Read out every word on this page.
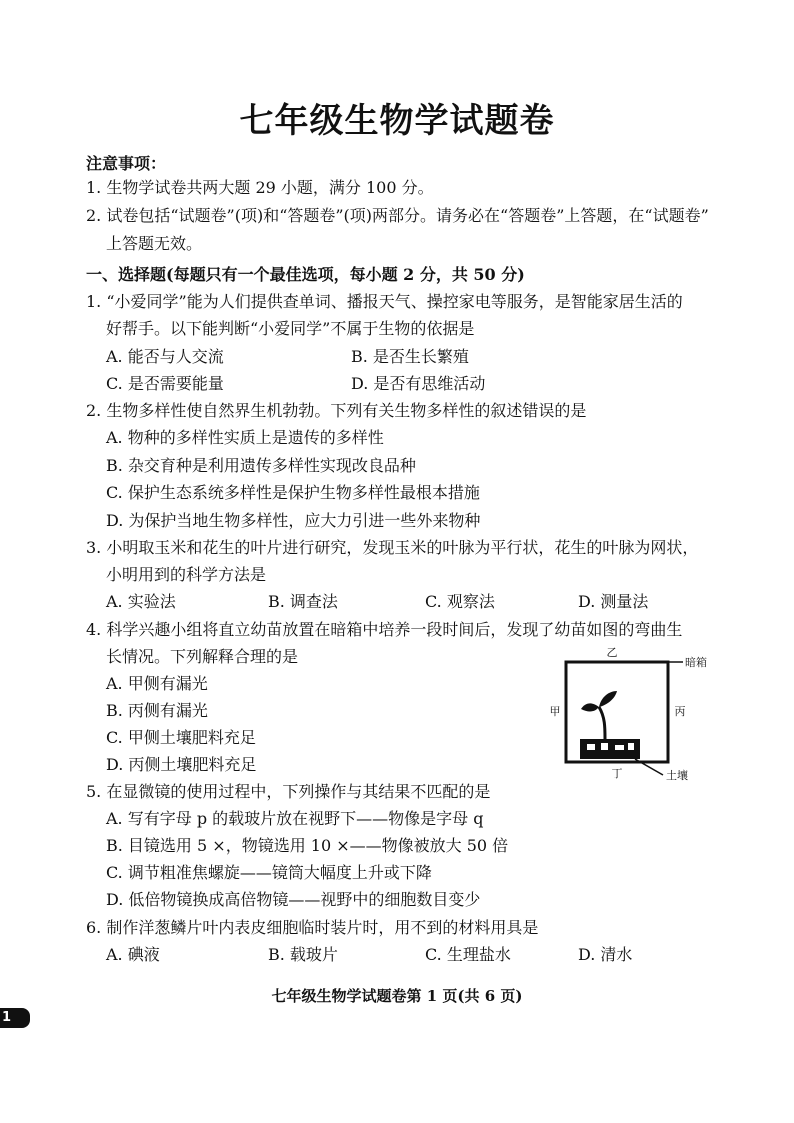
七年级生物学试题卷
注意事项：
1. 生物学试卷共两大题 29 小题，满分 100 分。
2. 试卷包括“试题卷”(项)和“答题卷”(项)两部分。请务必在“答题卷”上答题，在“试题卷”
上答题无效。
一、选择题(每题只有一个最佳选项，每小题 2 分，共 50 分)
1. “小爱同学”能为人们提供查单词、播报天气、操控家电等服务，是智能家居生活的
好帮手。以下能判断“小爱同学”不属于生物的依据是
A. 能否与人交流	B. 是否生长繁殖
C. 是否需要能量	D. 是否有思维活动
2. 生物多样性使自然界生机勃勃。下列有关生物多样性的叙述错误的是
A. 物种的多样性实质上是遗传的多样性
B. 杂交育种是利用遗传多样性实现改良品种
C. 保护生态系统多样性是保护生物多样性最根本措施
D. 为保护当地生物多样性，应大力引进一些外来物种
3. 小明取玉米和花生的叶片进行研究，发现玉米的叶脉为平行状，花生的叶脉为网状，
小明用到的科学方法是
A. 实验法	B. 调查法	C. 观察法	D. 测量法
4. 科学兴趣小组将直立幼苗放置在暗箱中培养一段时间后，发现了幼苗如图的弯曲生
长情况。下列解释合理的是
A. 甲侧有漏光
B. 丙侧有漏光
C. 甲侧土壤肥料充足
D. 丙侧土壤肥料充足
乙
暗箱
甲	丙
丁	土壤
5. 在显微镜的使用过程中，下列操作与其结果不匹配的是
A. 写有字母 p 的载玻片放在视野下——物像是字母 q
B. 目镜选用 5 ×，物镜选用 10 ×——物像被放大 50 倍
C. 调节粗准焦螺旋——镜筒大幅度上升或下降
D. 低倍物镜换成高倍物镜——视野中的细胞数目变少
6. 制作洋葱鳞片叶内表皮细胞临时装片时，用不到的材料用具是
A. 碘液	B. 载玻片	C. 生理盐水	D. 清水
七年级生物学试题卷第 1 页(共 6 页)
1
